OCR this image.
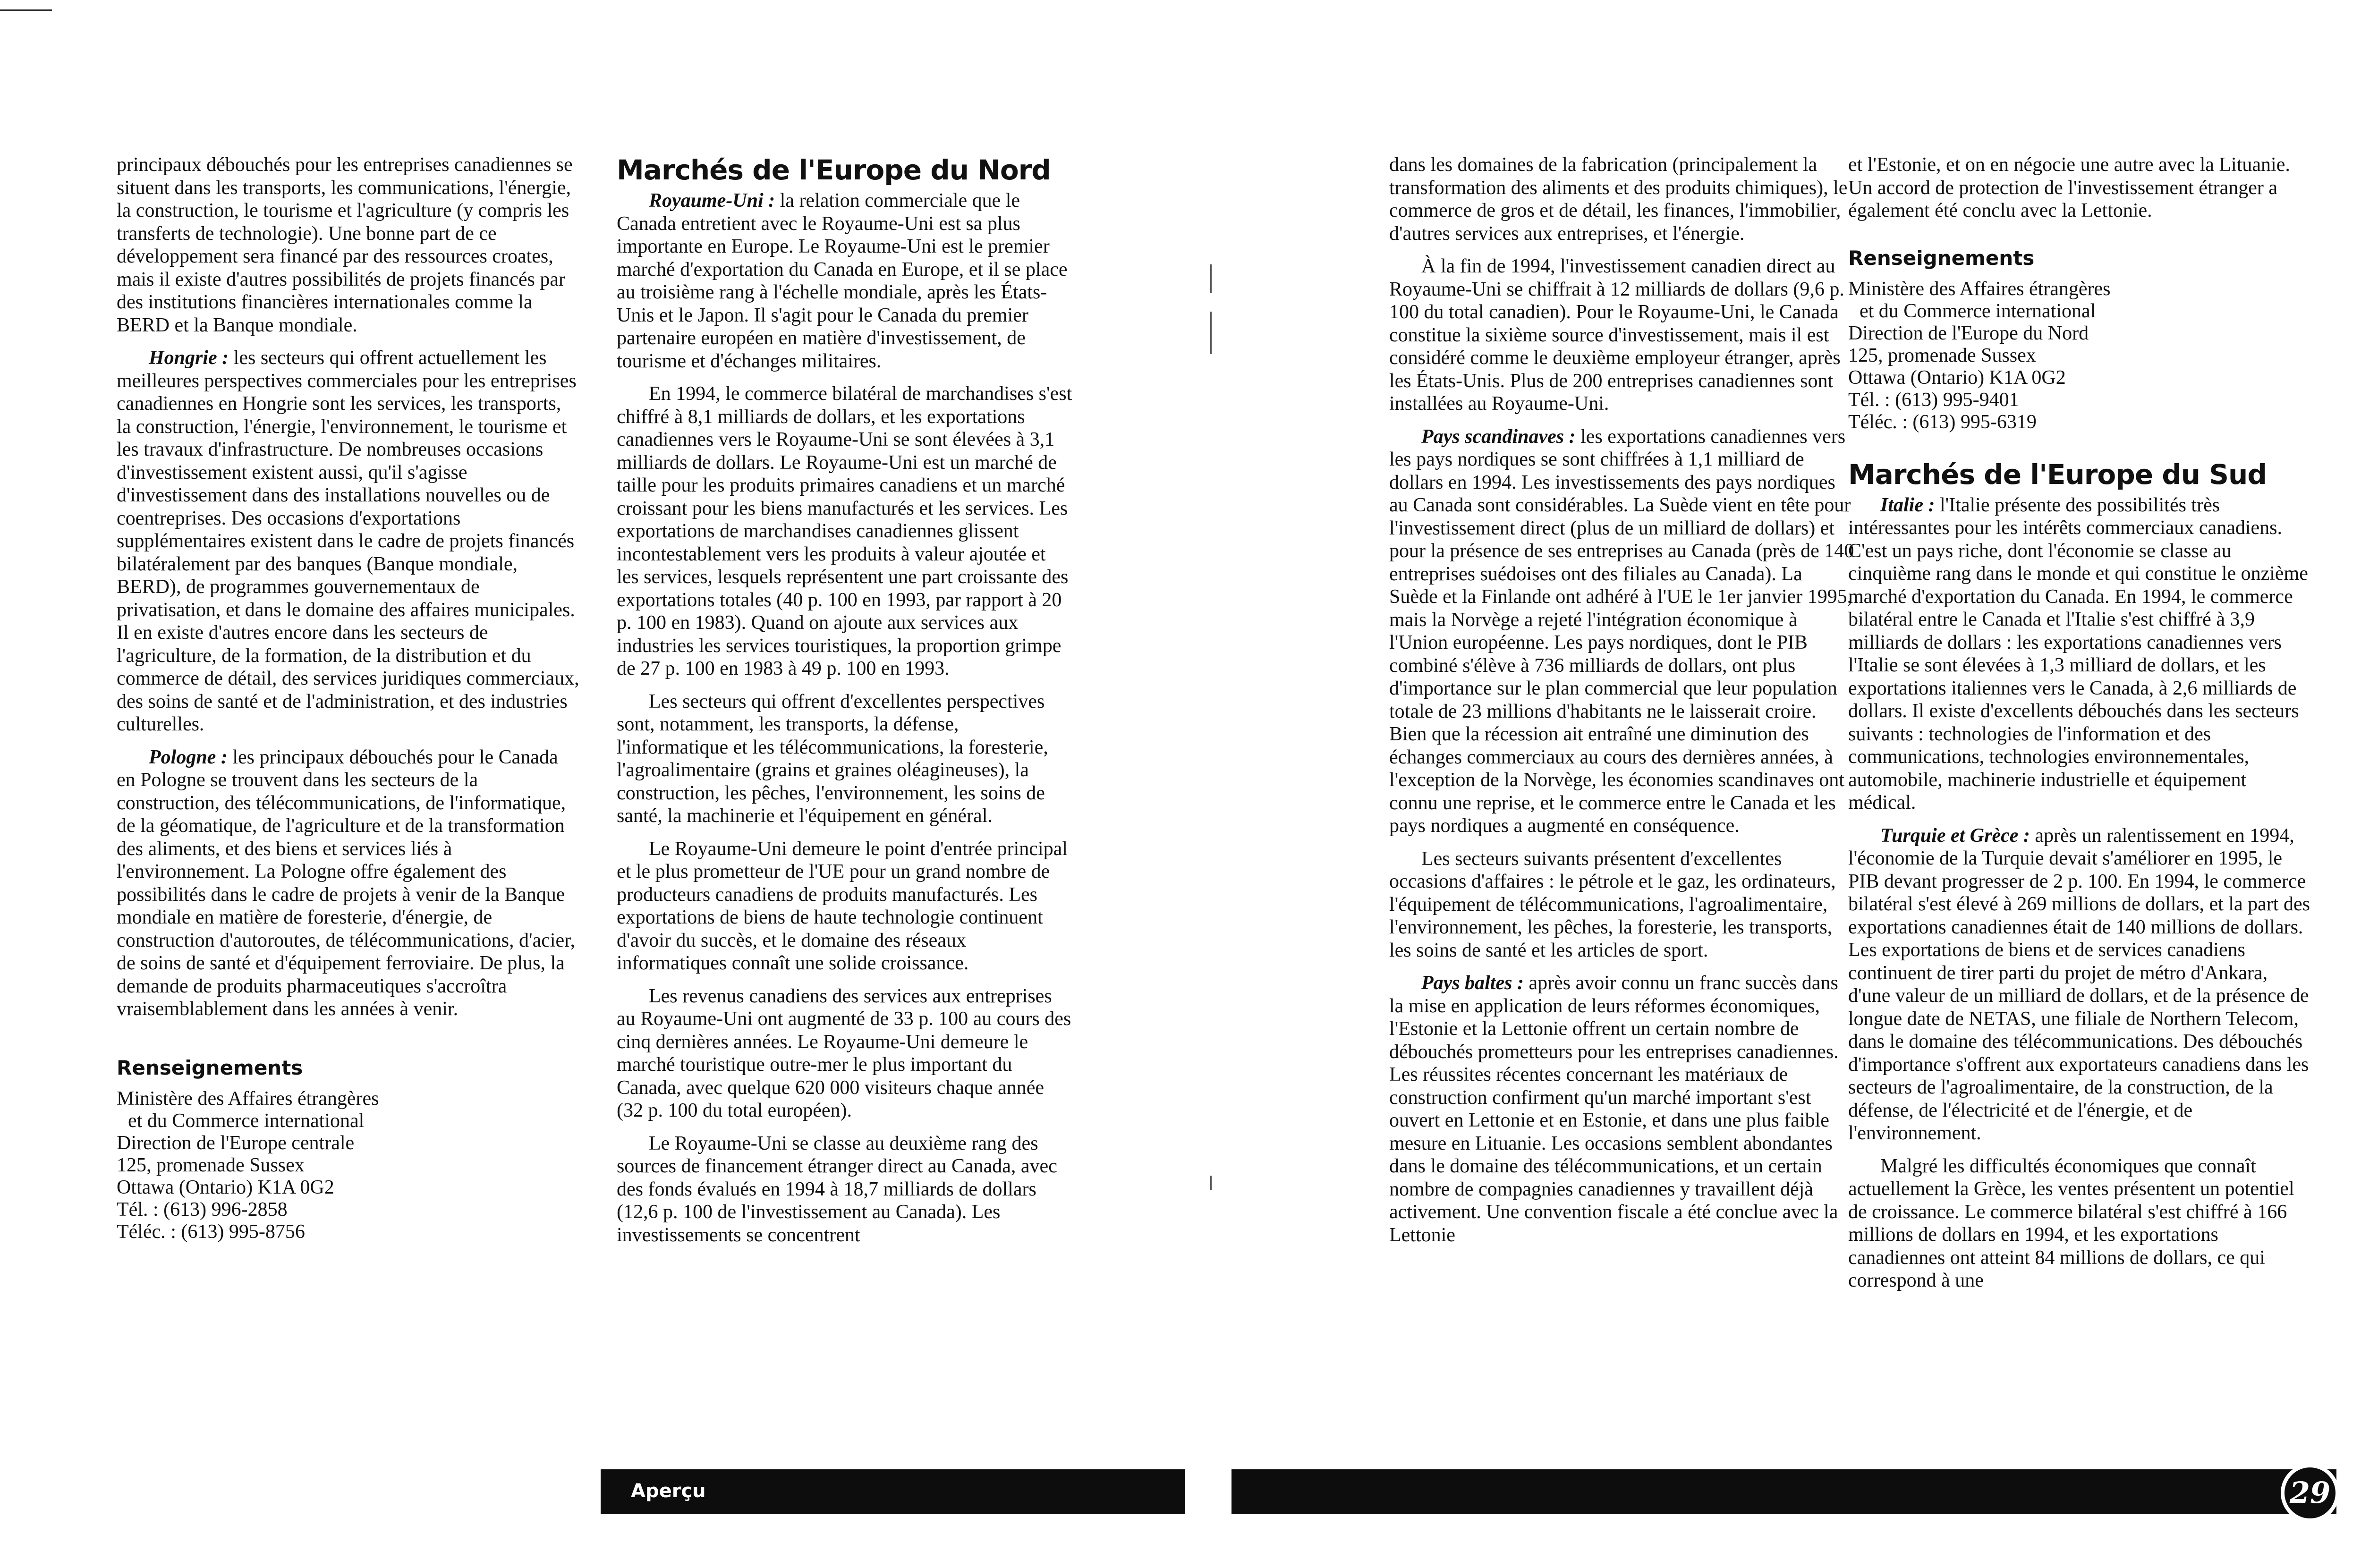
principaux débouchés pour les entreprises canadiennes se situent dans les transports, les communications, l'énergie, la construction, le tourisme et l'agriculture (y compris les transferts de technologie). Une bonne part de ce développement sera financé par des ressources croates, mais il existe d'autres possibilités de projets financés par des institutions financières internationales comme la BERD et la Banque mondiale.

Hongrie : les secteurs qui offrent actuellement les meilleures perspectives commerciales pour les entreprises canadiennes en Hongrie sont les services, les transports, la construction, l'énergie, l'environnement, le tourisme et les travaux d'infrastructure. De nombreuses occasions d'investissement existent aussi, qu'il s'agisse d'investissement dans des installations nouvelles ou de coentreprises. Des occasions d'exportations supplémentaires existent dans le cadre de projets financés bilatéralement par des banques (Banque mondiale, BERD), de programmes gouvernementaux de privatisation, et dans le domaine des affaires municipales. Il en existe d'autres encore dans les secteurs de l'agriculture, de la formation, de la distribution et du commerce de détail, des services juridiques commerciaux, des soins de santé et de l'administration, et des industries culturelles.

Pologne : les principaux débouchés pour le Canada en Pologne se trouvent dans les secteurs de la construction, des télécommunications, de l'informatique, de la géomatique, de l'agriculture et de la transformation des aliments, et des biens et services liés à l'environnement. La Pologne offre également des possibilités dans le cadre de projets à venir de la Banque mondiale en matière de foresterie, d'énergie, de construction d'autoroutes, de télécommunications, d'acier, de soins de santé et d'équipement ferroviaire. De plus, la demande de produits pharmaceutiques s'accroîtra vraisemblablement dans les années à venir.

Renseignements
Ministère des Affaires étrangères
et du Commerce international
Direction de l'Europe centrale
125, promenade Sussex
Ottawa (Ontario) K1A 0G2
Tél. : (613) 996-2858
Téléc. : (613) 995-8756
Marchés de l'Europe du Nord

Royaume-Uni : la relation commerciale que le Canada entretient avec le Royaume-Uni est sa plus importante en Europe. Le Royaume-Uni est le premier marché d'exportation du Canada en Europe, et il se place au troisième rang à l'échelle mondiale, après les États-Unis et le Japon. Il s'agit pour le Canada du premier partenaire européen en matière d'investissement, de tourisme et d'échanges militaires.

En 1994, le commerce bilatéral de marchandises s'est chiffré à 8,1 milliards de dollars, et les exportations canadiennes vers le Royaume-Uni se sont élevées à 3,1 milliards de dollars. Le Royaume-Uni est un marché de taille pour les produits primaires canadiens et un marché croissant pour les biens manufacturés et les services. Les exportations de marchandises canadiennes glissent incontestablement vers les produits à valeur ajoutée et les services, lesquels représentent une part croissante des exportations totales (40 p. 100 en 1993, par rapport à 20 p. 100 en 1983). Quand on ajoute aux services aux industries les services touristiques, la proportion grimpe de 27 p. 100 en 1983 à 49 p. 100 en 1993.

Les secteurs qui offrent d'excellentes perspectives sont, notamment, les transports, la défense, l'informatique et les télécommunications, la foresterie, l'agroalimentaire (grains et graines oléagineuses), la construction, les pêches, l'environnement, les soins de santé, la machinerie et l'équipement en général.

Le Royaume-Uni demeure le point d'entrée principal et le plus prometteur de l'UE pour un grand nombre de producteurs canadiens de produits manufacturés. Les exportations de biens de haute technologie continuent d'avoir du succès, et le domaine des réseaux informatiques connaît une solide croissance.

Les revenus canadiens des services aux entreprises au Royaume-Uni ont augmenté de 33 p. 100 au cours des cinq dernières années. Le Royaume-Uni demeure le marché touristique outre-mer le plus important du Canada, avec quelque 620 000 visiteurs chaque année (32 p. 100 du total européen).

Le Royaume-Uni se classe au deuxième rang des sources de financement étranger direct au Canada, avec des fonds évalués en 1994 à 18,7 milliards de dollars (12,6 p. 100 de l'investissement au Canada). Les investissements se concentrent

dans les domaines de la fabrication (principalement la transformation des aliments et des produits chimiques), le commerce de gros et de détail, les finances, l'immobilier, d'autres services aux entreprises, et l'énergie.

À la fin de 1994, l'investissement canadien direct au Royaume-Uni se chiffrait à 12 milliards de dollars (9,6 p. 100 du total canadien). Pour le Royaume-Uni, le Canada constitue la sixième source d'investissement, mais il est considéré comme le deuxième employeur étranger, après les États-Unis. Plus de 200 entreprises canadiennes sont installées au Royaume-Uni.

Pays scandinaves : les exportations canadiennes vers les pays nordiques se sont chiffrées à 1,1 milliard de dollars en 1994. Les investissements des pays nordiques au Canada sont considérables. La Suède vient en tête pour l'investissement direct (plus de un milliard de dollars) et pour la présence de ses entreprises au Canada (près de 140 entreprises suédoises ont des filiales au Canada). La Suède et la Finlande ont adhéré à l'UE le 1er janvier 1995, mais la Norvège a rejeté l'intégration économique à l'Union européenne. Les pays nordiques, dont le PIB combiné s'élève à 736 milliards de dollars, ont plus d'importance sur le plan commercial que leur population totale de 23 millions d'habitants ne le laisserait croire. Bien que la récession ait entraîné une diminution des échanges commerciaux au cours des dernières années, à l'exception de la Norvège, les économies scandinaves ont connu une reprise, et le commerce entre le Canada et les pays nordiques a augmenté en conséquence.

Les secteurs suivants présentent d'excellentes occasions d'affaires : le pétrole et le gaz, les ordinateurs, l'équipement de télécommunications, l'agroalimentaire, l'environnement, les pêches, la foresterie, les transports, les soins de santé et les articles de sport.

Pays baltes : après avoir connu un franc succès dans la mise en application de leurs réformes économiques, l'Estonie et la Lettonie offrent un certain nombre de débouchés prometteurs pour les entreprises canadiennes. Les réussites récentes concernant les matériaux de construction confirment qu'un marché important s'est ouvert en Lettonie et en Estonie, et dans une plus faible mesure en Lituanie. Les occasions semblent abondantes dans le domaine des télécommunications, et un certain nombre de compagnies canadiennes y travaillent déjà activement. Une convention fiscale a été conclue avec la Lettonie

et l'Estonie, et on en négocie une autre avec la Lituanie. Un accord de protection de l'investissement étranger a également été conclu avec la Lettonie.

Renseignements
Ministère des Affaires étrangères
et du Commerce international
Direction de l'Europe du Nord
125, promenade Sussex
Ottawa (Ontario) K1A 0G2
Tél. : (613) 995-9401
Téléc. : (613) 995-6319
Marchés de l'Europe du Sud

Italie : l'Italie présente des possibilités très intéressantes pour les intérêts commerciaux canadiens. C'est un pays riche, dont l'économie se classe au cinquième rang dans le monde et qui constitue le onzième marché d'exportation du Canada. En 1994, le commerce bilatéral entre le Canada et l'Italie s'est chiffré à 3,9 milliards de dollars : les exportations canadiennes vers l'Italie se sont élevées à 1,3 milliard de dollars, et les exportations italiennes vers le Canada, à 2,6 milliards de dollars. Il existe d'excellents débouchés dans les secteurs suivants : technologies de l'information et des communications, technologies environnementales, automobile, machinerie industrielle et équipement médical.

Turquie et Grèce : après un ralentissement en 1994, l'économie de la Turquie devait s'améliorer en 1995, le PIB devant progresser de 2 p. 100. En 1994, le commerce bilatéral s'est élevé à 269 millions de dollars, et la part des exportations canadiennes était de 140 millions de dollars. Les exportations de biens et de services canadiens continuent de tirer parti du projet de métro d'Ankara, d'une valeur de un milliard de dollars, et de la présence de longue date de NETAS, une filiale de Northern Telecom, dans le domaine des télécommunications. Des débouchés d'importance s'offrent aux exportateurs canadiens dans les secteurs de l'agroalimentaire, de la construction, de la défense, de l'électricité et de l'énergie, et de l'environnement.

Malgré les difficultés économiques que connaît actuellement la Grèce, les ventes présentent un potentiel de croissance. Le commerce bilatéral s'est chiffré à 166 millions de dollars en 1994, et les exportations canadiennes ont atteint 84 millions de dollars, ce qui correspond à une

Aperçu	29
